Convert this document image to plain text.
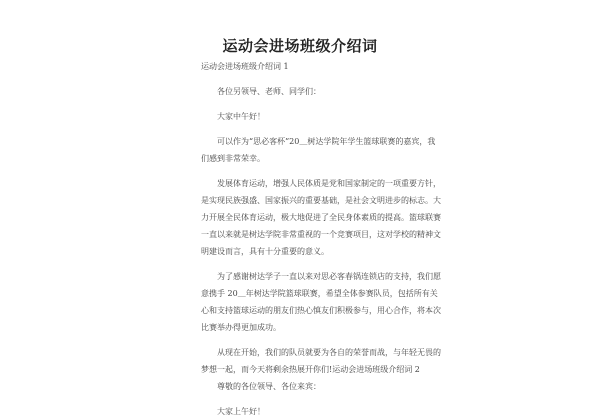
运动会进场班级介绍词
运动会进场班级介绍词 1
各位另领导、老师、同学们：
大家中午好！
可以作为“思必客杯”20＿树达学院年学生篮球联赛的嘉宾，我
们感到非常荣幸。
发展体育运动，增强人民体质是党和国家制定的一项重要方针，
是实现民族强盛、国家振兴的重要基础，是社会文明进步的标志。大
力开展全民体育运动，极大地促进了全民身体素质的提高。篮球联赛
一直以来就是树达学院非常重视的一个竞赛项目，这对学校的精神文
明建设而言，具有十分重要的意义。
为了感谢树达学子一直以来对思必客春锅连锁店的支持，我们愿
意携手 20＿年树达学院篮球联赛，希望全体参赛队员，包括所有关
心和支持篮球运动的朋友们热心慎友们积极参与，用心合作，将本次
比赛举办得更加成功。
从现在开始，我们的队员就要为各自的荣誉而战，与年轻无畏的
梦想一起，而今天将剩余热展开你们!运动会进场班级介绍词 2
尊敬的各位领导、各位来宾：
大家上午好！
